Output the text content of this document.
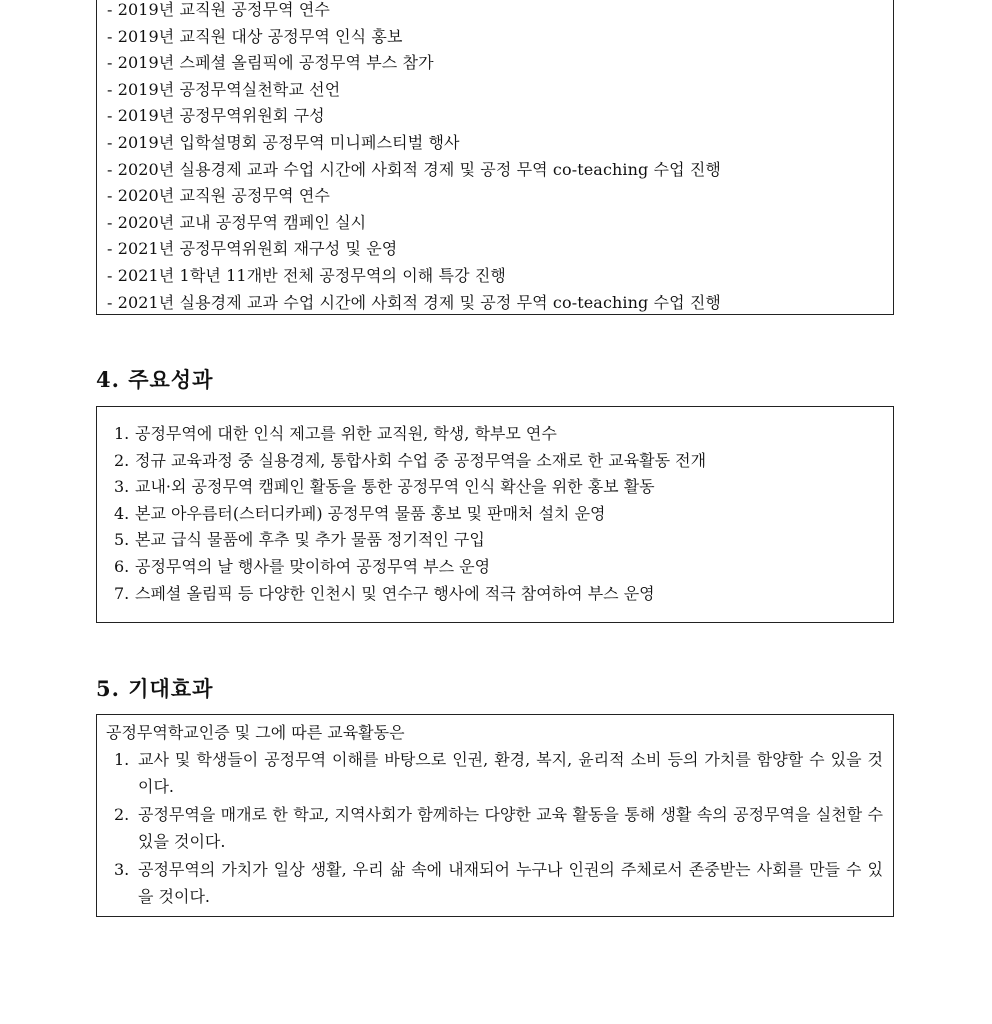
- 2019년 교직원 공정무역 연수
- 2019년 교직원 대상 공정무역 인식 홍보
- 2019년 스페셜 올림픽에 공정무역 부스 참가
- 2019년 공정무역실천학교 선언
- 2019년 공정무역위원회 구성
- 2019년 입학설명회 공정무역 미니페스티벌 행사
- 2020년 실용경제 교과 수업 시간에 사회적 경제 및 공정 무역 co-teaching 수업 진행
- 2020년 교직원 공정무역 연수
- 2020년 교내 공정무역 캠페인 실시
- 2021년 공정무역위원회 재구성 및 운영
- 2021년 1학년 11개반 전체 공정무역의 이해 특강 진행
- 2021년 실용경제 교과 수업 시간에 사회적 경제 및 공정 무역 co-teaching 수업 진행
4. 주요성과
1. 공정무역에 대한 인식 제고를 위한 교직원, 학생, 학부모 연수
2. 정규 교육과정 중 실용경제, 통합사회 수업 중 공정무역을 소재로 한 교육활동 전개
3. 교내·외 공정무역 캠페인 활동을 통한 공정무역 인식 확산을 위한 홍보 활동
4. 본교 아우름터(스터디카페) 공정무역 물품 홍보 및 판매처 설치 운영
5. 본교 급식 물품에 후추 및 추가 물품 정기적인 구입
6. 공정무역의 날 행사를 맞이하여 공정무역 부스 운영
7. 스페셜 올림픽 등 다양한 인천시 및 연수구 행사에 적극 참여하여 부스 운영
5. 기대효과
공정무역학교인증 및 그에 따른 교육활동은
1. 교사 및 학생들이 공정무역 이해를 바탕으로 인권, 환경, 복지, 윤리적 소비 등의 가치를 함양할 수 있을 것이다.
2. 공정무역을 매개로 한 학교, 지역사회가 함께하는 다양한 교육 활동을 통해 생활 속의 공정무역을 실천할 수 있을 것이다.
3. 공정무역의 가치가 일상 생활, 우리 삶 속에 내재되어 누구나 인권의 주체로서 존중받는 사회를 만들 수 있을 것이다.
